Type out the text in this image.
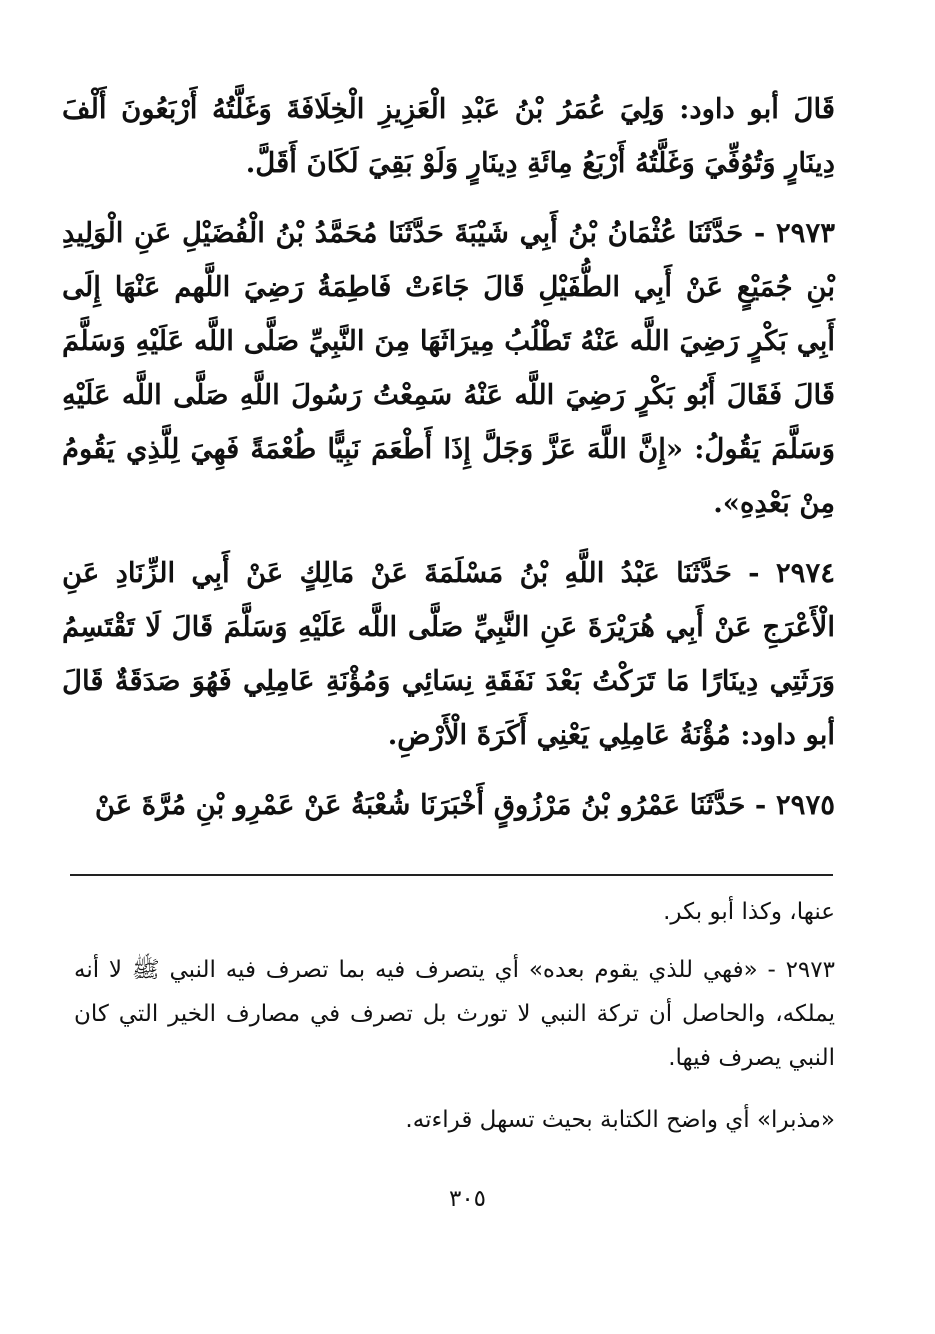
قَالَ أبو داود: وَلِيَ عُمَرُ بْنُ عَبْدِ الْعَزِيزِ الْخِلَافَةَ وَغَلَّتُهُ أَرْبَعُونَ أَلْفَ دِينَارٍ وَتُوُفِّيَ وَغَلَّتُهُ أَرْبَعُ مِائَةِ دِينَارٍ وَلَوْ بَقِيَ لَكَانَ أَقَلَّ.

٢٩٧٣ - حَدَّثَنَا عُثْمَانُ بْنُ أَبِي شَيْبَةَ حَدَّثَنَا مُحَمَّدُ بْنُ الْفُضَيْلِ عَنِ الْوَلِيدِ بْنِ جُمَيْعٍ عَنْ أَبِي الطُّفَيْلِ قَالَ جَاءَتْ فَاطِمَةُ رَضِيَ اللَّهم عَنْهَا إِلَى أَبِي بَكْرٍ رَضِيَ اللَّه عَنْهُ تَطْلُبُ مِيرَاثَهَا مِنَ النَّبِيِّ صَلَّى اللَّه عَلَيْهِ وَسَلَّمَ قَالَ فَقَالَ أَبُو بَكْرٍ رَضِيَ اللَّه عَنْهُ سَمِعْتُ رَسُولَ اللَّهِ صَلَّى اللَّه عَلَيْهِ وَسَلَّمَ يَقُولُ: «إِنَّ اللَّهَ عَزَّ وَجَلَّ إِذَا أَطْعَمَ نَبِيًّا طُعْمَةً فَهِيَ لِلَّذِي يَقُومُ مِنْ بَعْدِهِ».

٢٩٧٤ - حَدَّثَنَا عَبْدُ اللَّهِ بْنُ مَسْلَمَةَ عَنْ مَالِكٍ عَنْ أَبِي الزِّنَادِ عَنِ الْأَعْرَجِ عَنْ أَبِي هُرَيْرَةَ عَنِ النَّبِيِّ صَلَّى اللَّه عَلَيْهِ وَسَلَّمَ قَالَ لَا تَقْتَسِمُ وَرَثَتِي دِينَارًا مَا تَرَكْتُ بَعْدَ نَفَقَةِ نِسَائِي وَمُؤْنَةِ عَامِلِي فَهُوَ صَدَقَةٌ قَالَ أبو داود: مُؤْنَةُ عَامِلِي يَعْنِي أَكَرَةَ الْأَرْضِ.

٢٩٧٥ - حَدَّثَنَا عَمْرُو بْنُ مَرْزُوقٍ أَخْبَرَنَا شُعْبَةُ عَنْ عَمْرِو بْنِ مُرَّةَ عَنْ

عنها، وكذا أبو بكر.

٢٩٧٣ - «فهي للذي يقوم بعده» أي يتصرف فيه بما تصرف فيه النبي ﷺ لا أنه يملكه، والحاصل أن تركة النبي لا تورث بل تصرف في مصارف الخير التي كان النبي يصرف فيها.

«مذبرا» أي واضح الكتابة بحيث تسهل قراءته.

٣٠٥
